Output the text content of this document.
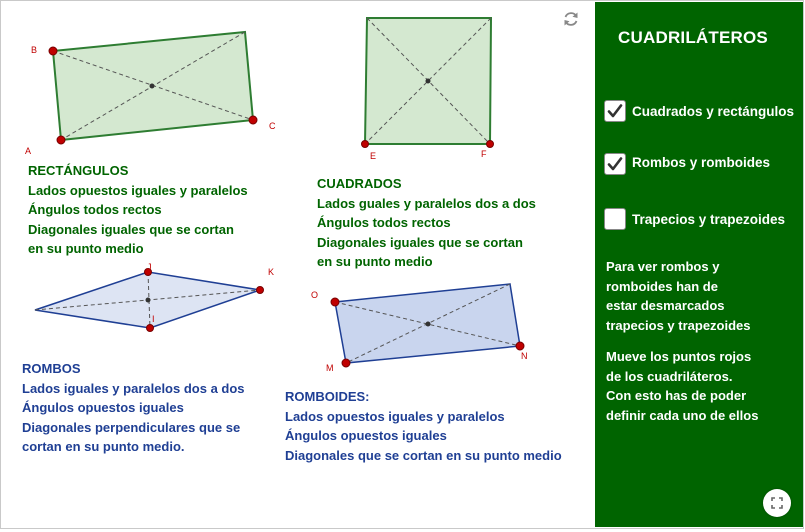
B
A
C
E	F
J	K
I
O
M
N
RECTÁNGULOS
Lados opuestos iguales y paralelos
Ángulos todos rectos
Diagonales iguales que se cortan
en su punto medio
CUADRADOS
Lados guales y paralelos dos a dos
Ángulos todos rectos
Diagonales iguales que se cortan
en su punto medio
ROMBOS
Lados iguales y paralelos dos a dos
Ángulos opuestos iguales
Diagonales perpendiculares que se
cortan en su punto medio.
ROMBOIDES:
Lados opuestos iguales y paralelos
Ángulos opuestos iguales
Diagonales que se cortan en su punto medio
CUADRILÁTEROS
Cuadrados y rectángulos
Rombos y romboides
Trapecios y trapezoides
Para ver rombos y
romboides han de
estar desmarcados
trapecios y trapezoides
Mueve los puntos rojos
de los cuadriláteros.
Con esto has de poder
definir cada uno de ellos
